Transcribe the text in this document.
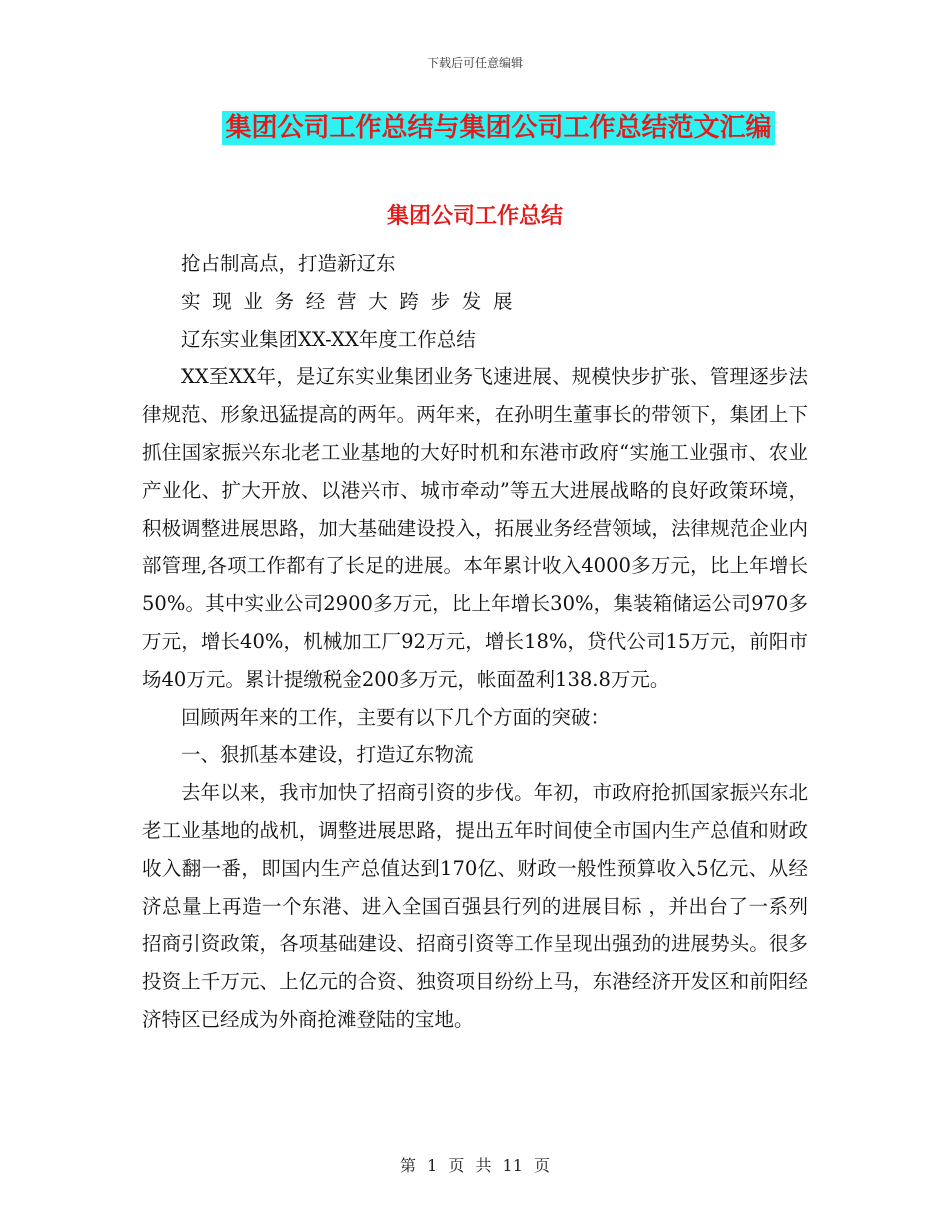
下载后可任意编辑
集团公司工作总结与集团公司工作总结范文汇编
集团公司工作总结

抢占制高点，打造新辽东

实现业务经营大跨步发展

辽东实业集团XX-XX年度工作总结

XX至XX年，是辽东实业集团业务飞速进展、规模快步扩张、管理逐步法律规范、形象迅猛提高的两年。两年来，在孙明生董事长的带领下，集团上下抓住国家振兴东北老工业基地的大好时机和东港市政府“实施工业强市、农业产业化、扩大开放、以港兴市、城市牵动”等五大进展战略的良好政策环境，积极调整进展思路，加大基础建设投入，拓展业务经营领域，法律规范企业内部管理,各项工作都有了长足的进展。本年累计收入4000多万元，比上年增长50%。其中实业公司2900多万元，比上年增长30%，集装箱储运公司970多万元，增长40%，机械加工厂92万元，增长18%，贷代公司15万元，前阳市场40万元。累计提缴税金200多万元，帐面盈利138.8万元。

回顾两年来的工作，主要有以下几个方面的突破：

一、狠抓基本建设，打造辽东物流

去年以来，我市加快了招商引资的步伐。年初，市政府抢抓国家振兴东北老工业基地的战机，调整进展思路，提出五年时间使全市国内生产总值和财政收入翻一番，即国内生产总值达到170亿、财政一般性预算收入5亿元、从经济总量上再造一个东港、进入全国百强县行列的进展目标 ，并出台了一系列招商引资政策，各项基础建设、招商引资等工作呈现出强劲的进展势头。很多投资上千万元、上亿元的合资、独资项目纷纷上马，东港经济开发区和前阳经济特区已经成为外商抢滩登陆的宝地。

第 1 页 共 11 页
